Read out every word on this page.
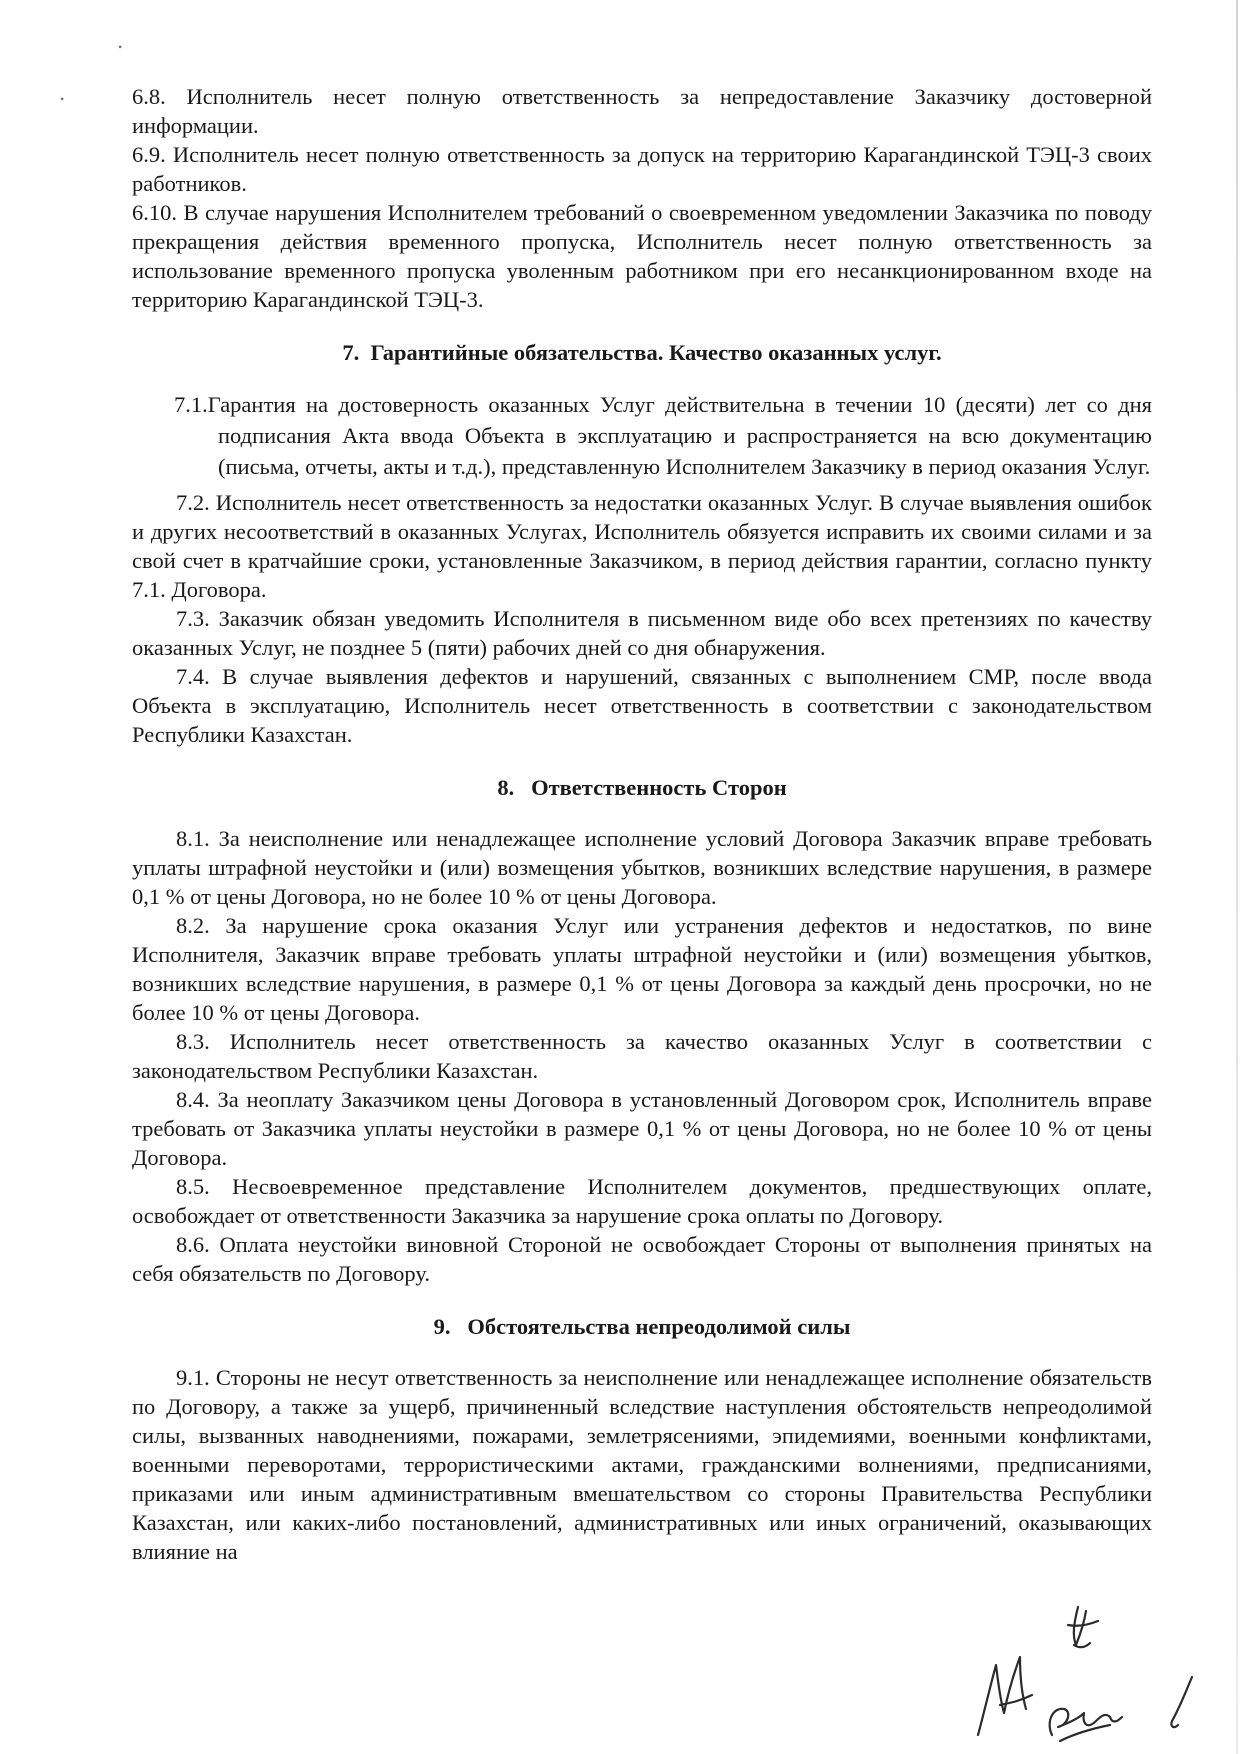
•
•	6.8. Исполнитель несет полную ответственность за непредоставление Заказчику достоверной информации.

6.9. Исполнитель несет полную ответственность за допуск на территорию Карагандинской ТЭЦ-3 своих работников.

6.10. В случае нарушения Исполнителем требований о своевременном уведомлении Заказчика по поводу прекращения действия временного пропуска, Исполнитель несет полную ответственность за использование временного пропуска уволенным работником при его несанкционированном входе на территорию Карагандинской ТЭЦ-3.

7. Гарантийные обязательства. Качество оказанных услуг.

7.1.Гарантия на достоверность оказанных Услуг действительна в течении 10 (десяти) лет со дня подписания Акта ввода Объекта в эксплуатацию и распространяется на всю документацию (письма, отчеты, акты и т.д.), представленную Исполнителем Заказчику в период оказания Услуг.

7.2. Исполнитель несет ответственность за недостатки оказанных Услуг. В случае выявления ошибок и других несоответствий в оказанных Услугах, Исполнитель обязуется исправить их своими силами и за свой счет в кратчайшие сроки, установленные Заказчиком, в период действия гарантии, согласно пункту 7.1. Договора.

7.3. Заказчик обязан уведомить Исполнителя в письменном виде обо всех претензиях по качеству оказанных Услуг, не позднее 5 (пяти) рабочих дней со дня обнаружения.

7.4. В случае выявления дефектов и нарушений, связанных с выполнением СМР, после ввода Объекта в эксплуатацию, Исполнитель несет ответственность в соответствии с законодательством Республики Казахстан.

8. Ответственность Сторон

8.1. За неисполнение или ненадлежащее исполнение условий Договора Заказчик вправе требовать уплаты штрафной неустойки и (или) возмещения убытков, возникших вследствие нарушения, в размере 0,1 % от цены Договора, но не более 10 % от цены Договора.

8.2. За нарушение срока оказания Услуг или устранения дефектов и недостатков, по вине Исполнителя, Заказчик вправе требовать уплаты штрафной неустойки и (или) возмещения убытков, возникших вследствие нарушения, в размере 0,1 % от цены Договора за каждый день просрочки, но не более 10 % от цены Договора.

8.3. Исполнитель несет ответственность за качество оказанных Услуг в соответствии с законодательством Республики Казахстан.

8.4. За неоплату Заказчиком цены Договора в установленный Договором срок, Исполнитель вправе требовать от Заказчика уплаты неустойки в размере 0,1 % от цены Договора, но не более 10 % от цены Договора.

8.5. Несвоевременное представление Исполнителем документов, предшествующих оплате, освобождает от ответственности Заказчика за нарушение срока оплаты по Договору.

8.6. Оплата неустойки виновной Стороной не освобождает Стороны от выполнения принятых на себя обязательств по Договору.

9. Обстоятельства непреодолимой силы

9.1. Стороны не несут ответственность за неисполнение или ненадлежащее исполнение обязательств по Договору, а также за ущерб, причиненный вследствие наступления обстоятельств непреодолимой силы, вызванных наводнениями, пожарами, землетрясениями, эпидемиями, военными конфликтами, военными переворотами, террористическими актами, гражданскими волнениями, предписаниями, приказами или иным административным вмешательством со стороны Правительства Республики Казахстан, или каких-либо постановлений, административных или иных ограничений, оказывающих влияние на
